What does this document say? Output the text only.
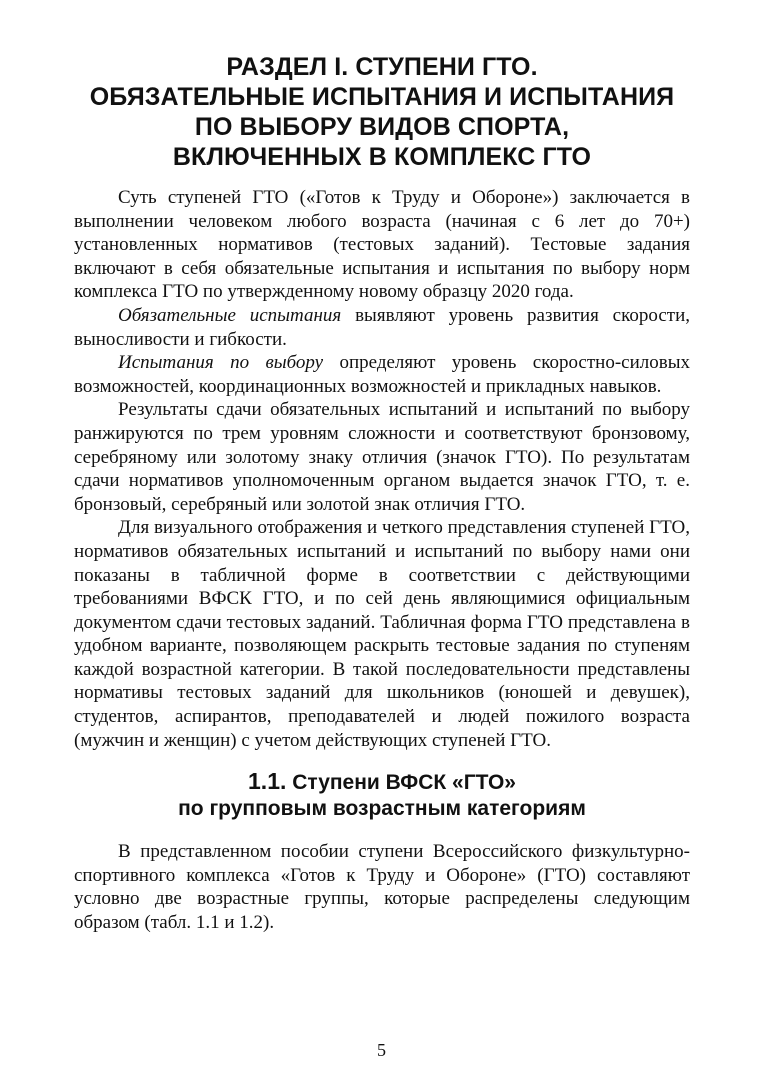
РАЗДЕЛ I. СТУПЕНИ ГТО.
ОБЯЗАТЕЛЬНЫЕ ИСПЫТАНИЯ И ИСПЫТАНИЯ
ПО ВЫБОРУ ВИДОВ СПОРТА,
ВКЛЮЧЕННЫХ В КОМПЛЕКС ГТО

Суть ступеней ГТО («Готов к Труду и Обороне») заключается в выполнении человеком любого возраста (начиная с 6 лет до 70+) установленных нормативов (тестовых заданий). Тестовые задания включают в себя обязательные испытания и испытания по выбору норм комплекса ГТО по утвержденному новому образцу 2020 года.

Обязательные испытания выявляют уровень развития скорости, выносливости и гибкости.

Испытания по выбору определяют уровень скоростно-силовых возможностей, координационных возможностей и прикладных навыков.

Результаты сдачи обязательных испытаний и испытаний по выбору ранжируются по трем уровням сложности и соответствуют бронзовому, серебряному или золотому знаку отличия (значок ГТО). По результатам сдачи нормативов уполномоченным органом выдается значок ГТО, т. е. бронзовый, серебряный или золотой знак отличия ГТО.

Для визуального отображения и четкого представления ступеней ГТО, нормативов обязательных испытаний и испытаний по выбору нами они показаны в табличной форме в соответствии с действующими требованиями ВФСК ГТО, и по сей день являющимися официальным документом сдачи тестовых заданий. Табличная форма ГТО представлена в удобном варианте, позволяющем раскрыть тестовые задания по ступеням каждой возрастной категории. В такой последовательности представлены нормативы тестовых заданий для школьников (юношей и девушек), студентов, аспирантов, преподавателей и людей пожилого возраста (мужчин и женщин) с учетом действующих ступеней ГТО.

1.1. Ступени ВФСК «ГТО»
по групповым возрастным категориям

В представленном пособии ступени Всероссийского физкультурно-спортивного комплекса «Готов к Труду и Обороне» (ГТО) составляют условно две возрастные группы, которые распределены следующим образом (табл. 1.1 и 1.2).

5
